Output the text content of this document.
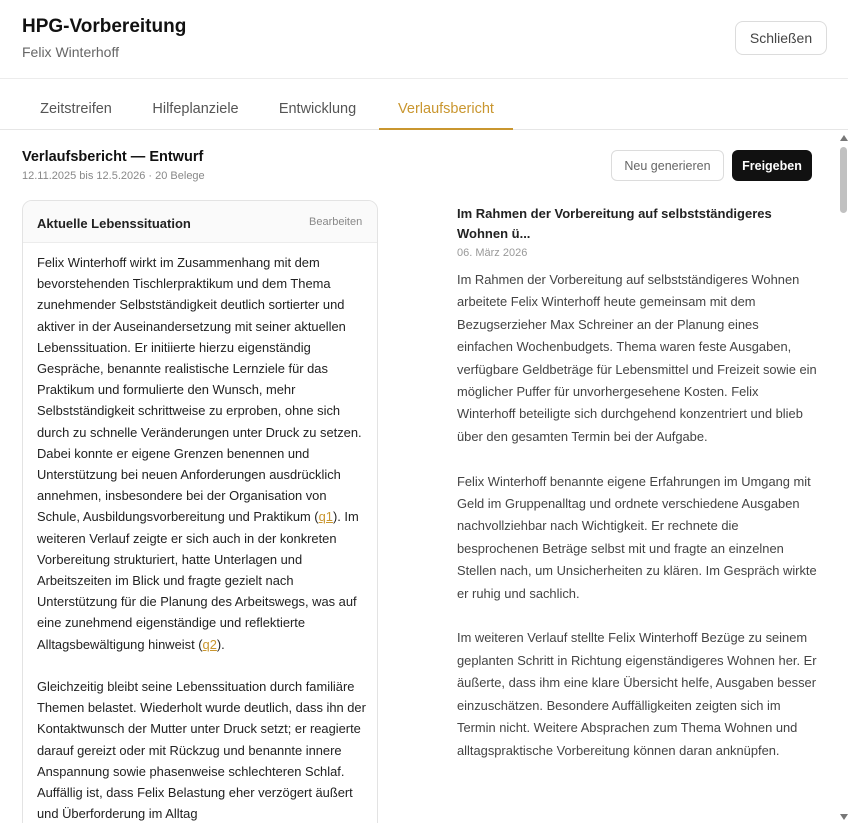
HPG-Vorbereitung
Felix Winterhoff
Schließen
Zeitstreifen	Hilfeplanziele	Entwicklung	Verlaufsbericht
Verlaufsbericht — Entwurf
12.11.2025 bis 12.5.2026 · 20 Belege
Neu generieren	Freigeben
Aktuelle Lebenssituation	Bearbeiten

Felix Winterhoff wirkt im Zusammenhang mit dem bevorstehenden Tischlerpraktikum und dem Thema zunehmender Selbstständigkeit deutlich sortierter und aktiver in der Auseinandersetzung mit seiner aktuellen Lebenssituation. Er initiierte hierzu eigenständig Gespräche, benannte realistische Lernziele für das Praktikum und formulierte den Wunsch, mehr Selbstständigkeit schrittweise zu erproben, ohne sich durch zu schnelle Veränderungen unter Druck zu setzen. Dabei konnte er eigene Grenzen benennen und Unterstützung bei neuen Anforderungen ausdrücklich annehmen, insbesondere bei der Organisation von Schule, Ausbildungsvorbereitung und Praktikum (q1). Im weiteren Verlauf zeigte er sich auch in der konkreten Vorbereitung strukturiert, hatte Unterlagen und Arbeitszeiten im Blick und fragte gezielt nach Unterstützung für die Planung des Arbeitswegs, was auf eine zunehmend eigenständige und reflektierte Alltagsbewältigung hinweist (q2).

Gleichzeitig bleibt seine Lebenssituation durch familiäre Themen belastet. Wiederholt wurde deutlich, dass ihn der Kontaktwunsch der Mutter unter Druck setzt; er reagierte darauf gereizt oder mit Rückzug und benannte innere Anspannung sowie phasenweise schlechteren Schlaf. Auffällig ist, dass Felix Belastung eher verzögert äußert und Überforderung im Alltag

Im Rahmen der Vorbereitung auf selbstständigeres Wohnen ü...
06. März 2026

Im Rahmen der Vorbereitung auf selbstständigeres Wohnen arbeitete Felix Winterhoff heute gemeinsam mit dem Bezugserzieher Max Schreiner an der Planung eines einfachen Wochenbudgets. Thema waren feste Ausgaben, verfügbare Geldbeträge für Lebensmittel und Freizeit sowie ein möglicher Puffer für unvorhergesehene Kosten. Felix Winterhoff beteiligte sich durchgehend konzentriert und blieb über den gesamten Termin bei der Aufgabe.

Felix Winterhoff benannte eigene Erfahrungen im Umgang mit Geld im Gruppenalltag und ordnete verschiedene Ausgaben nachvollziehbar nach Wichtigkeit. Er rechnete die besprochenen Beträge selbst mit und fragte an einzelnen Stellen nach, um Unsicherheiten zu klären. Im Gespräch wirkte er ruhig und sachlich.

Im weiteren Verlauf stellte Felix Winterhoff Bezüge zu seinem geplanten Schritt in Richtung eigenständigeres Wohnen her. Er äußerte, dass ihm eine klare Übersicht helfe, Ausgaben besser einzuschätzen. Besondere Auffälligkeiten zeigten sich im Termin nicht. Weitere Absprachen zum Thema Wohnen und alltagspraktische Vorbereitung können daran anknüpfen.
